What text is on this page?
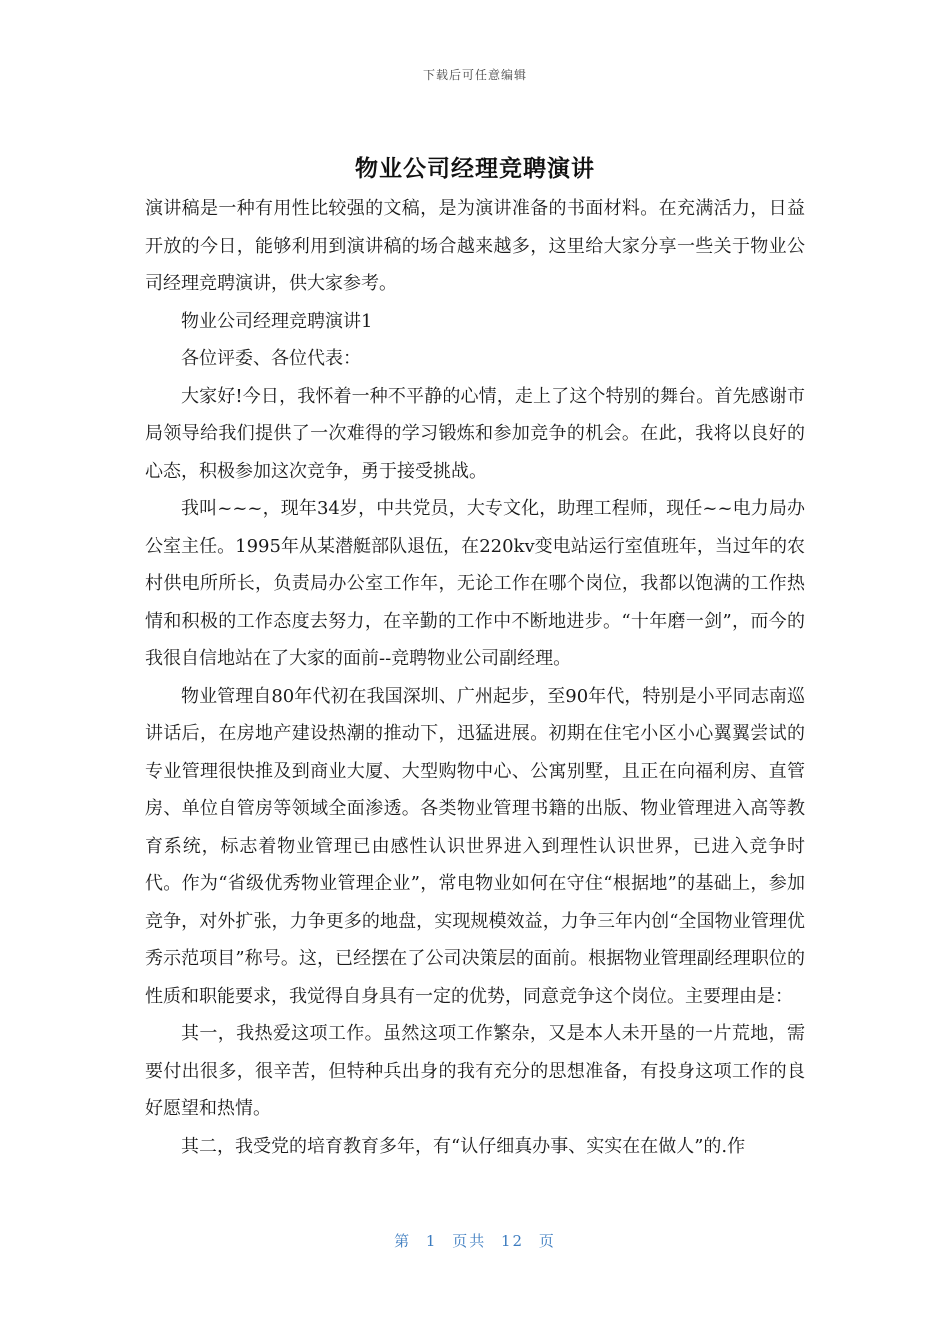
下载后可任意编辑
物业公司经理竞聘演讲

演讲稿是一种有用性比较强的文稿，是为演讲准备的书面材料。在充满活力，日益开放的今日，能够利用到演讲稿的场合越来越多，这里给大家分享一些关于物业公司经理竞聘演讲，供大家参考。

物业公司经理竞聘演讲1

各位评委、各位代表：

大家好!今日，我怀着一种不平静的心情，走上了这个特别的舞台。首先感谢市局领导给我们提供了一次难得的学习锻炼和参加竞争的机会。在此，我将以良好的心态，积极参加这次竞争，勇于接受挑战。

我叫~~~，现年34岁，中共党员，大专文化，助理工程师，现任~~电力局办公室主任。1995年从某潜艇部队退伍，在220kv变电站运行室值班年，当过年的农村供电所所长，负责局办公室工作年，无论工作在哪个岗位，我都以饱满的工作热情和积极的工作态度去努力，在辛勤的工作中不断地进步。“十年磨一剑”，而今的我很自信地站在了大家的面前--竞聘物业公司副经理。

物业管理自80年代初在我国深圳、广州起步，至90年代，特别是小平同志南巡讲话后，在房地产建设热潮的推动下，迅猛进展。初期在住宅小区小心翼翼尝试的专业管理很快推及到商业大厦、大型购物中心、公寓别墅，且正在向福利房、直管房、单位自管房等领域全面渗透。各类物业管理书籍的出版、物业管理进入高等教育系统，标志着物业管理已由感性认识世界进入到理性认识世界，已进入竞争时代。作为“省级优秀物业管理企业”，常电物业如何在守住“根据地”的基础上，参加竞争，对外扩张，力争更多的地盘，实现规模效益，力争三年内创“全国物业管理优秀示范项目”称号。这，已经摆在了公司决策层的面前。根据物业管理副经理职位的性质和职能要求，我觉得自身具有一定的优势，同意竞争这个岗位。主要理由是：

其一，我热爱这项工作。虽然这项工作繁杂，又是本人未开垦的一片荒地，需要付出很多，很辛苦，但特种兵出身的我有充分的思想准备，有投身这项工作的良好愿望和热情。

其二，我受党的培育教育多年，有“认仔细真办事、实实在在做人”的.作

第 1 页共 12 页
